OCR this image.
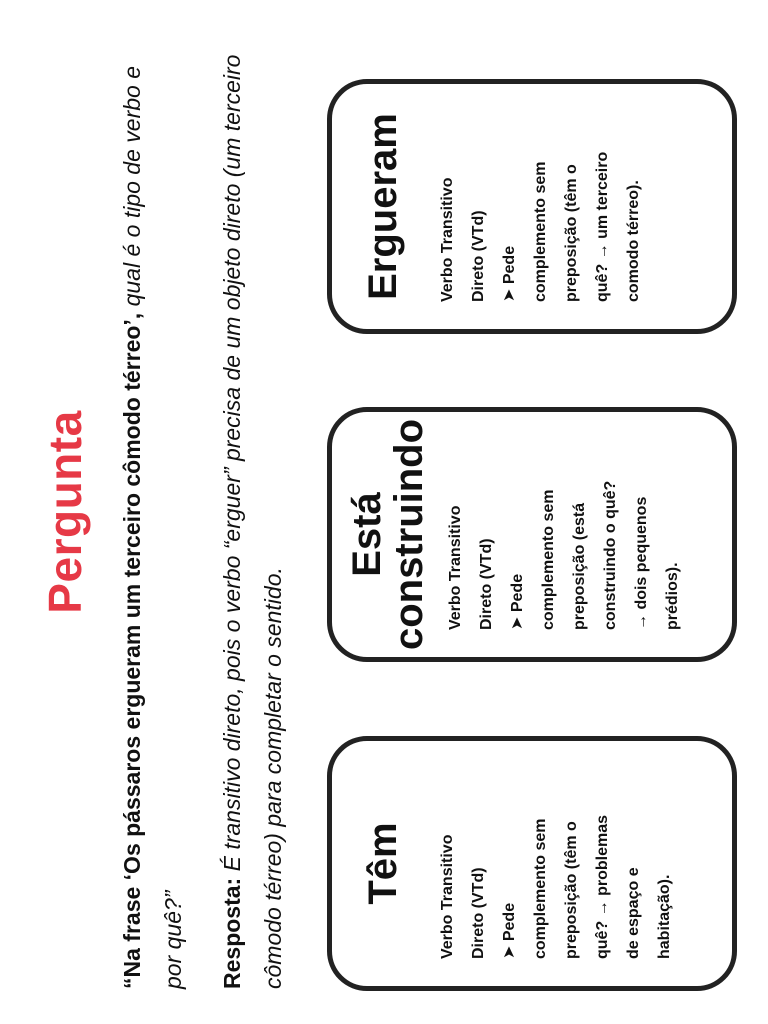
Pergunta	“Na frase ‘Os pássaros ergueram um terceiro cômodo térreo’, qual é o tipo de verbo e por quê?”	Resposta: É transitivo direto, pois o verbo “erguer” precisa de um objeto direto (um terceiro cômodo térreo) para completar o sentido. Têm	Verbo Transitivo Direto (VTd) ➤ Pede complemento sem preposição (têm o quê? → problemas de espaço e habitação).
Está
construindo	Verbo Transitivo Direto (VTd) ➤ Pede complemento sem preposição (está construindo o quê? → dois pequenos prédios).
Ergueram	Verbo Transitivo Direto (VTd) ➤ Pede complemento sem preposição (têm o quê? → um terceiro comodo térreo).
